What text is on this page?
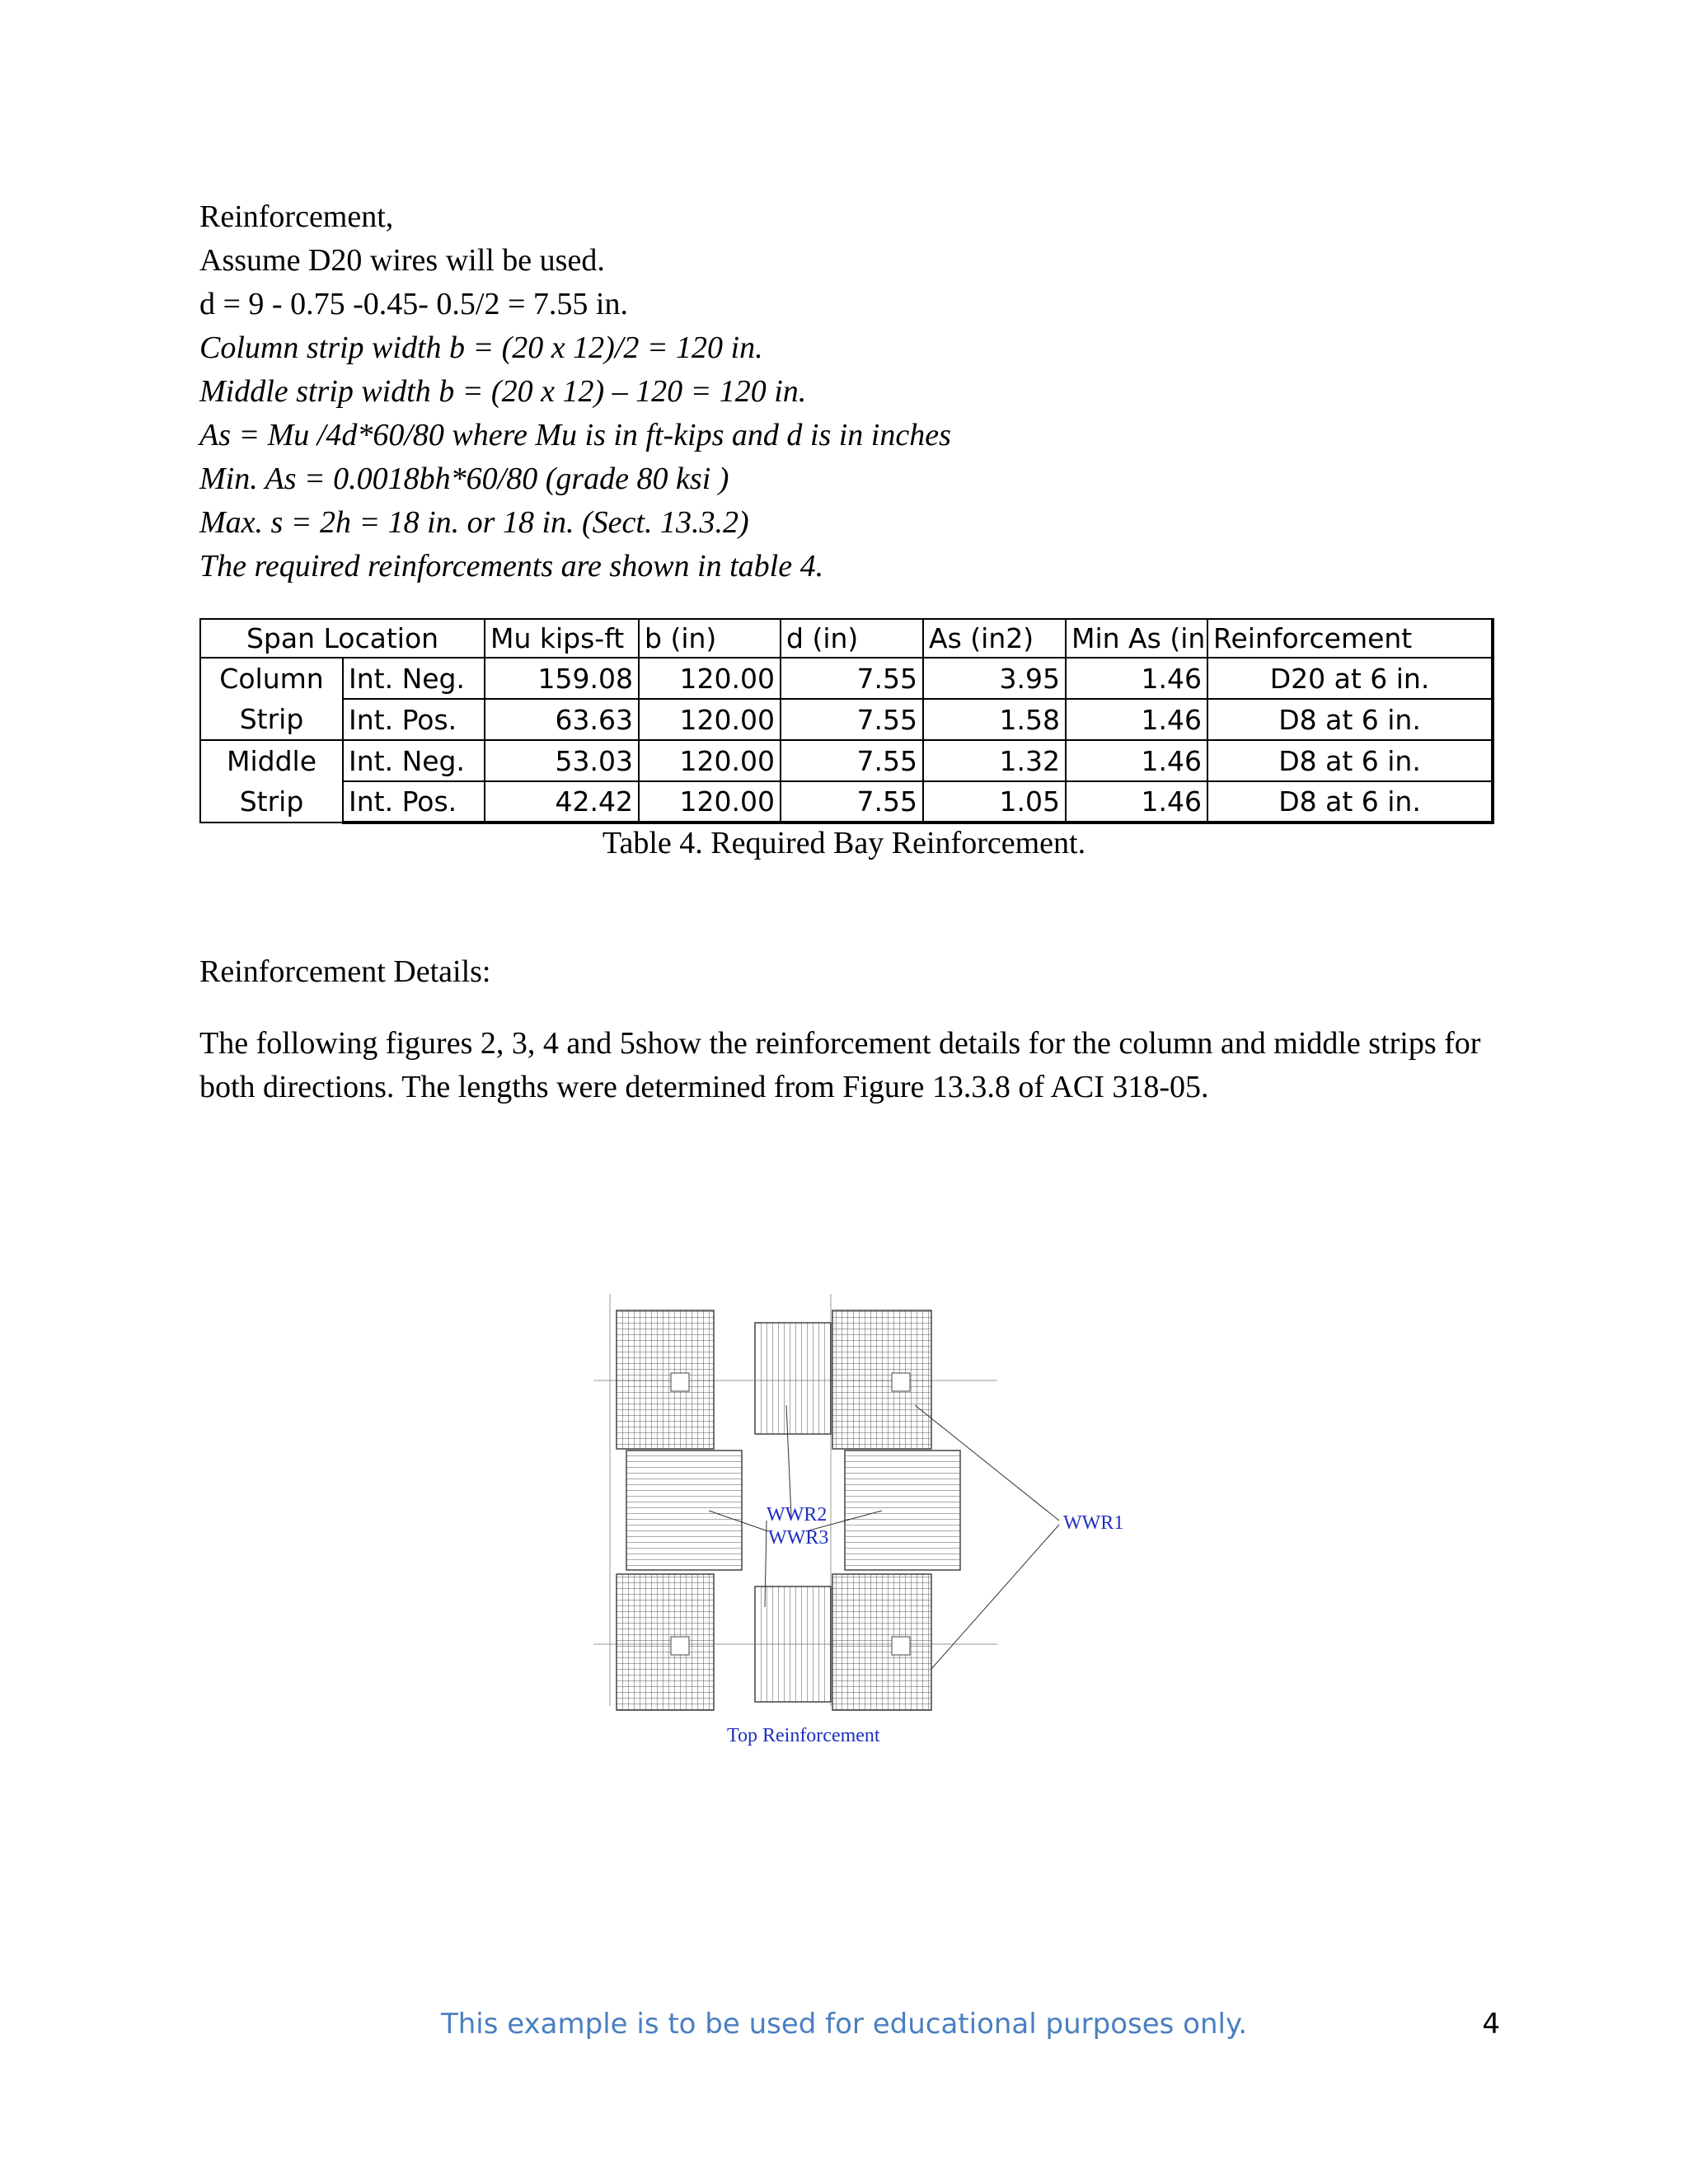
Reinforcement,
Assume D20 wires will be used.
d = 9 - 0.75 -0.45- 0.5/2 = 7.55 in.
Column strip width b = (20 x 12)/2 = 120 in.
Middle strip width b = (20 x 12) – 120 = 120 in.
As = Mu /4d*60/80 where Mu is in ft-kips and d is in inches
Min. As = 0.0018bh*60/80 (grade 80 ksi )
Max. s = 2h = 18 in. or 18 in. (Sect. 13.3.2)
The required reinforcements are shown in table 4.
Span Location		Mu kips-ft	b (in)	d (in)	As (in2)	Min As (in	Reinforcement
Column Strip	Int. Neg.	159.08	120.00	7.55	3.95	1.46	D20 at 6 in.
	Int. Pos.	63.63	120.00	7.55	1.58	1.46	D8 at 6 in.
Middle Strip	Int. Neg.	53.03	120.00	7.55	1.32	1.46	D8 at 6 in.
	Int. Pos.	42.42	120.00	7.55	1.05	1.46	D8 at 6 in.
Table 4. Required Bay Reinforcement.
Reinforcement Details:
The following figures 2, 3, 4 and 5show the reinforcement details for the column and middle strips for both directions. The lengths were determined from Figure 13.3.8 of ACI 318-05.
WWR2
WWR3
WWR1
Top Reinforcement
This example is to be used for educational purposes only.	4
